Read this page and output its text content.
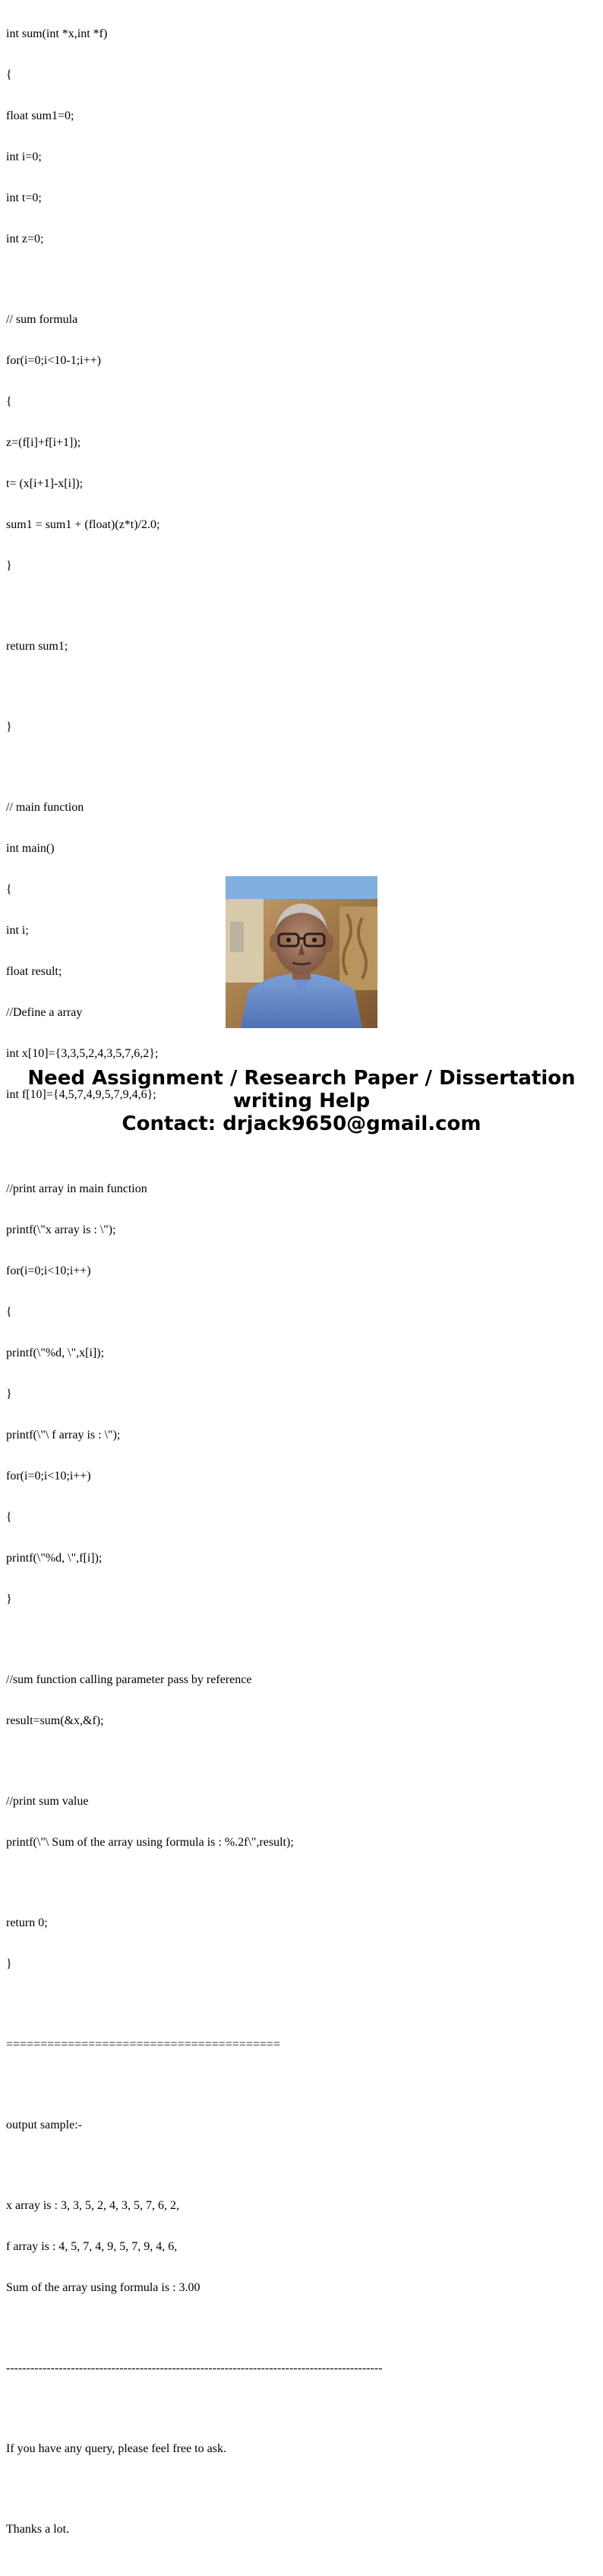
int sum(int *x,int *f)

{

float sum1=0;

int i=0;

int t=0;

int z=0;

// sum formula

for(i=0;i<10-1;i++)

{

z=(f[i]+f[i+1]);

t= (x[i+1]-x[i]);

sum1 = sum1 + (float)(z*t)/2.0;

}

return sum1;

}

// main function

int main()

{

int i;

float result;

//Define a array

int x[10]={3,3,5,2,4,3,5,7,6,2};

int f[10]={4,5,7,4,9,5,7,9,4,6};

//print array in main function

printf(\"x array is : \");

for(i=0;i<10;i++)

{

printf(\"%d, \",x[i]);

}

printf(\"\ f array is : \");

for(i=0;i<10;i++)

{

printf(\"%d, \",f[i]);

}

//sum function calling parameter pass by reference

result=sum(&x,&f);

//print sum value

printf(\"\ Sum of the array using formula is : %.2f\",result);

return 0;

}

========================================

output sample:-

x array is : 3, 3, 5, 2, 4, 3, 5, 7, 6, 2,

f array is : 4, 5, 7, 4, 9, 5, 7, 9, 4, 6,

Sum of the array using formula is : 3.00

---------------------------------------------------------------------------------------------

If you have any query, please feel free to ask.

Thanks a lot.

Need Assignment / Research Paper / Dissertation
writing Help
Contact: drjack9650@gmail.com
